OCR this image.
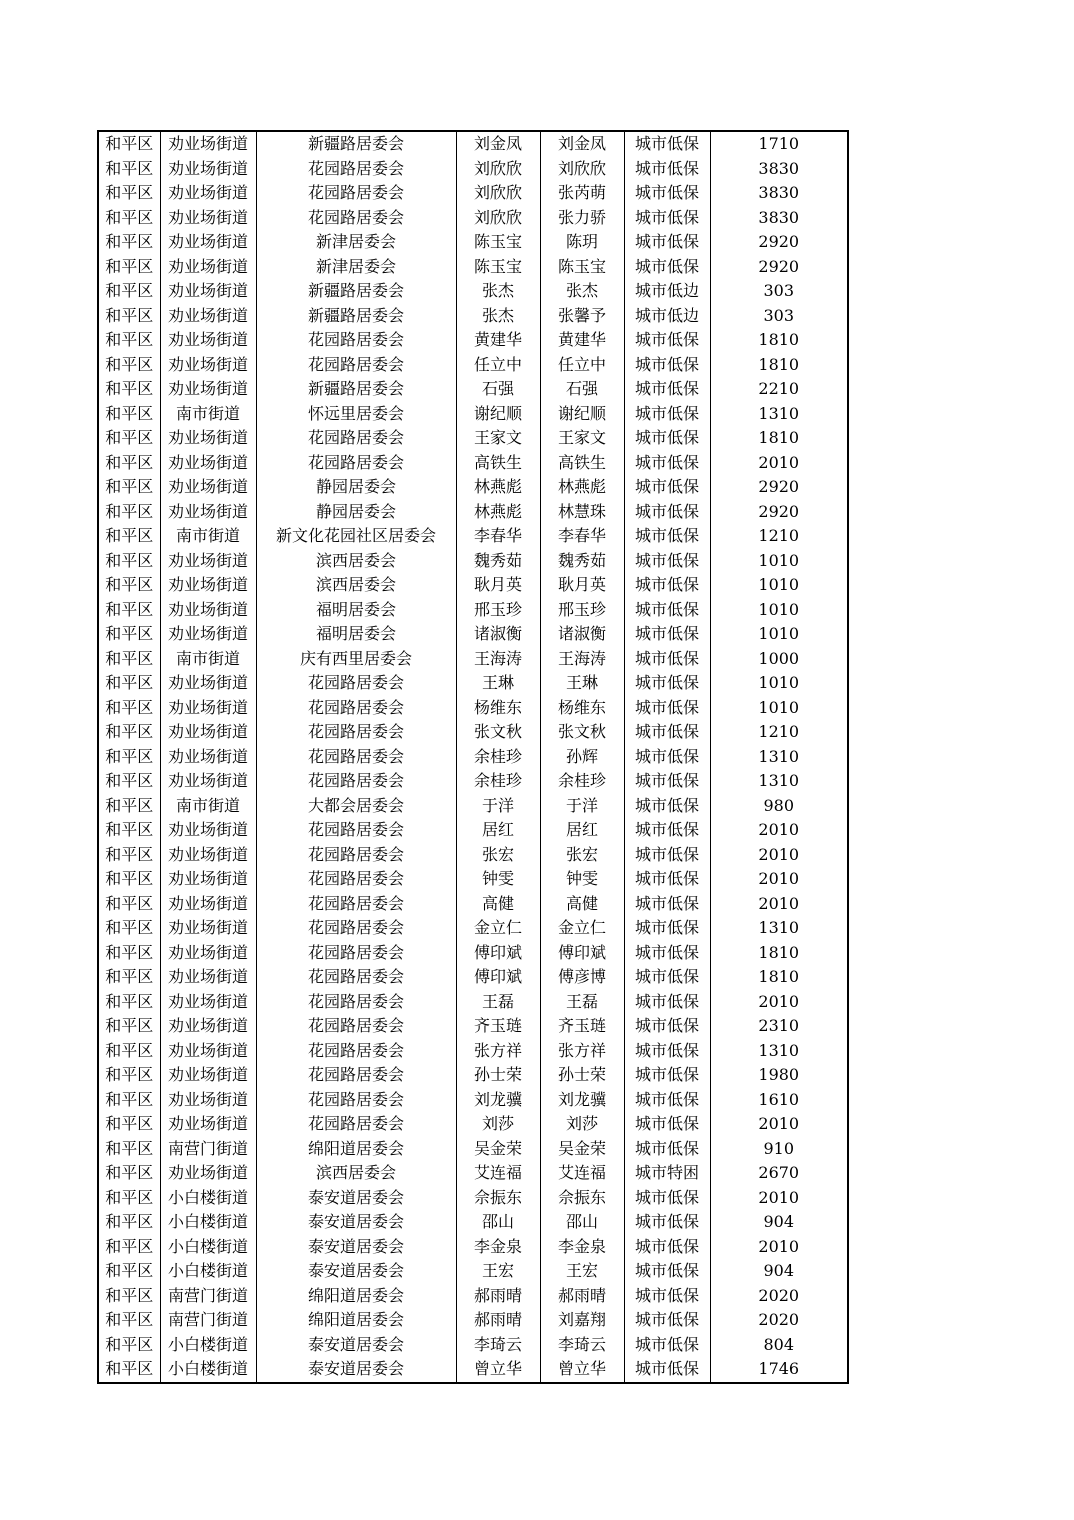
和平区	劝业场街道	新疆路居委会	刘金凤	刘金凤	城市低保	1710
和平区	劝业场街道	花园路居委会	刘欣欣	刘欣欣	城市低保	3830
和平区	劝业场街道	花园路居委会	刘欣欣	张芮萌	城市低保	3830
和平区	劝业场街道	花园路居委会	刘欣欣	张力骄	城市低保	3830
和平区	劝业场街道	新津居委会	陈玉宝	陈玥	城市低保	2920
和平区	劝业场街道	新津居委会	陈玉宝	陈玉宝	城市低保	2920
和平区	劝业场街道	新疆路居委会	张杰	张杰	城市低边	303
和平区	劝业场街道	新疆路居委会	张杰	张馨予	城市低边	303
和平区	劝业场街道	花园路居委会	黄建华	黄建华	城市低保	1810
和平区	劝业场街道	花园路居委会	任立中	任立中	城市低保	1810
和平区	劝业场街道	新疆路居委会	石强	石强	城市低保	2210
和平区	南市街道	怀远里居委会	谢纪顺	谢纪顺	城市低保	1310
和平区	劝业场街道	花园路居委会	王家文	王家文	城市低保	1810
和平区	劝业场街道	花园路居委会	高铁生	高铁生	城市低保	2010
和平区	劝业场街道	静园居委会	林燕彪	林燕彪	城市低保	2920
和平区	劝业场街道	静园居委会	林燕彪	林慧珠	城市低保	2920
和平区	南市街道	新文化花园社区居委会	李春华	李春华	城市低保	1210
和平区	劝业场街道	滨西居委会	魏秀茹	魏秀茹	城市低保	1010
和平区	劝业场街道	滨西居委会	耿月英	耿月英	城市低保	1010
和平区	劝业场街道	福明居委会	邢玉珍	邢玉珍	城市低保	1010
和平区	劝业场街道	福明居委会	诸淑衡	诸淑衡	城市低保	1010
和平区	南市街道	庆有西里居委会	王海涛	王海涛	城市低保	1000
和平区	劝业场街道	花园路居委会	王琳	王琳	城市低保	1010
和平区	劝业场街道	花园路居委会	杨维东	杨维东	城市低保	1010
和平区	劝业场街道	花园路居委会	张文秋	张文秋	城市低保	1210
和平区	劝业场街道	花园路居委会	余桂珍	孙辉	城市低保	1310
和平区	劝业场街道	花园路居委会	余桂珍	余桂珍	城市低保	1310
和平区	南市街道	大都会居委会	于洋	于洋	城市低保	980
和平区	劝业场街道	花园路居委会	居红	居红	城市低保	2010
和平区	劝业场街道	花园路居委会	张宏	张宏	城市低保	2010
和平区	劝业场街道	花园路居委会	钟雯	钟雯	城市低保	2010
和平区	劝业场街道	花园路居委会	高健	高健	城市低保	2010
和平区	劝业场街道	花园路居委会	金立仁	金立仁	城市低保	1310
和平区	劝业场街道	花园路居委会	傅印斌	傅印斌	城市低保	1810
和平区	劝业场街道	花园路居委会	傅印斌	傅彦博	城市低保	1810
和平区	劝业场街道	花园路居委会	王磊	王磊	城市低保	2010
和平区	劝业场街道	花园路居委会	齐玉琏	齐玉琏	城市低保	2310
和平区	劝业场街道	花园路居委会	张方祥	张方祥	城市低保	1310
和平区	劝业场街道	花园路居委会	孙士荣	孙士荣	城市低保	1980
和平区	劝业场街道	花园路居委会	刘龙骥	刘龙骥	城市低保	1610
和平区	劝业场街道	花园路居委会	刘莎	刘莎	城市低保	2010
和平区	南营门街道	绵阳道居委会	吴金荣	吴金荣	城市低保	910
和平区	劝业场街道	滨西居委会	艾连福	艾连福	城市特困	2670
和平区	小白楼街道	泰安道居委会	佘振东	佘振东	城市低保	2010
和平区	小白楼街道	泰安道居委会	邵山	邵山	城市低保	904
和平区	小白楼街道	泰安道居委会	李金泉	李金泉	城市低保	2010
和平区	小白楼街道	泰安道居委会	王宏	王宏	城市低保	904
和平区	南营门街道	绵阳道居委会	郝雨晴	郝雨晴	城市低保	2020
和平区	南营门街道	绵阳道居委会	郝雨晴	刘嘉翔	城市低保	2020
和平区	小白楼街道	泰安道居委会	李琦云	李琦云	城市低保	804
和平区	小白楼街道	泰安道居委会	曾立华	曾立华	城市低保	1746
